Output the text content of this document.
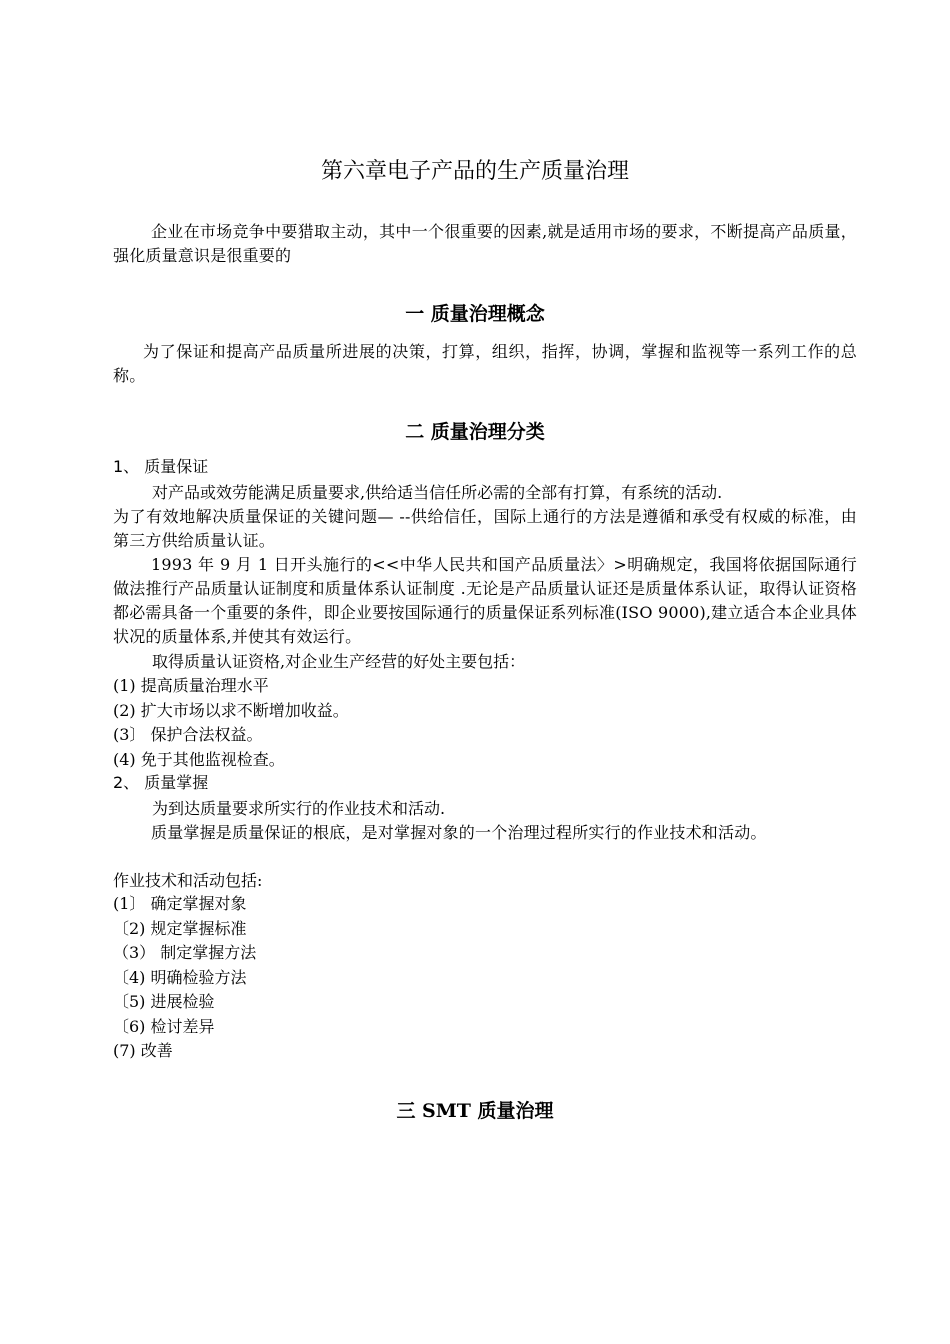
第六章电子产品的生产质量治理

企业在市场竞争中要猎取主动，其中一个很重要的因素,就是适用市场的要求，不断提高产品质量，强化质量意识是很重要的

一 质量治理概念

为了保证和提高产品质量所进展的决策，打算，组织，指挥，协调，掌握和监视等一系列工作的总称。

二 质量治理分类
1、 质量保证

对产品或效劳能满足质量要求,供给适当信任所必需的全部有打算，有系统的活动.

为了有效地解决质量保证的关键问题— --供给信任，国际上通行的方法是遵循和承受有权威的标准，由第三方供给质量认证。

1993 年 9 月 1 日开头施行的<<中华人民共和国产品质量法〉>明确规定，我国将依据国际通行做法推行产品质量认证制度和质量体系认证制度 .无论是产品质量认证还是质量体系认证，取得认证资格都必需具备一个重要的条件，即企业要按国际通行的质量保证系列标准(ISO 9000),建立适合本企业具体状况的质量体系,并使其有效运行。

取得质量认证资格,对企业生产经营的好处主要包括：

(1) 提高质量治理水平
(2) 扩大市场以求不断增加收益。
(3〕 保护合法权益。
(4) 免于其他监视检查。
2、 质量掌握

为到达质量要求所实行的作业技术和活动.

质量掌握是质量保证的根底，是对掌握对象的一个治理过程所实行的作业技术和活动。

作业技术和活动包括:

(1〕 确定掌握对象
〔2) 规定掌握标准
（3） 制定掌握方法
〔4) 明确检验方法
〔5) 进展检验
〔6) 检讨差异
(7) 改善
三 SMT 质量治理
